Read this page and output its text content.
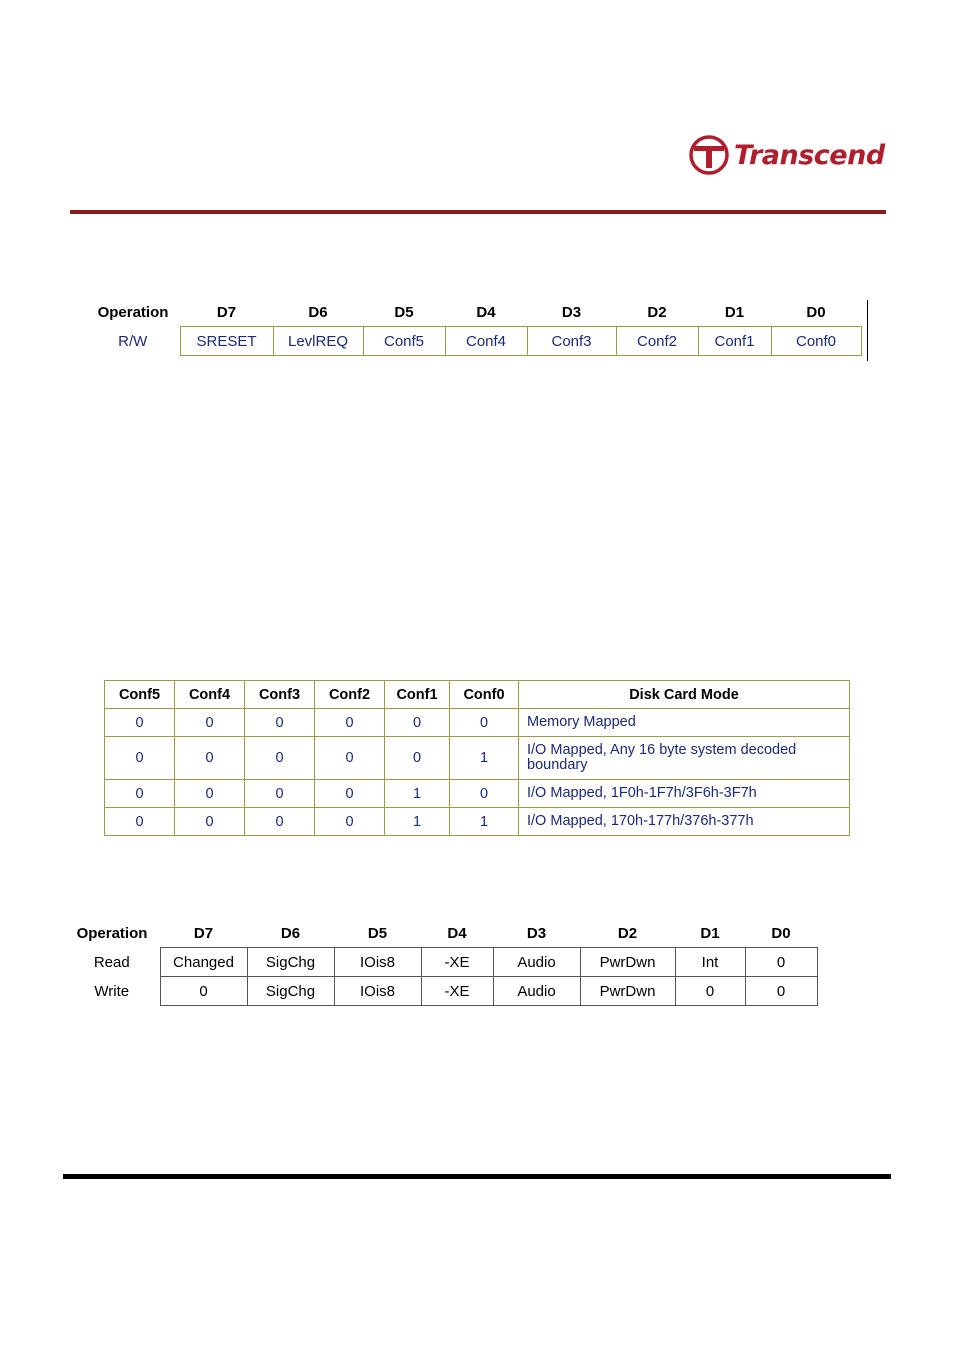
Transcend
Operation	D7	D6	D5	D4	D3	D2	D1	D0
R/W	SRESET	LevlREQ	Conf5	Conf4	Conf3	Conf2	Conf1	Conf0
Conf5	Conf4	Conf3	Conf2	Conf1	Conf0	Disk Card Mode
0	0	0	0	0	0	Memory Mapped
0	0	0	0	0	1	I/O Mapped, Any 16 byte system decoded boundary
0	0	0	0	1	0	I/O Mapped, 1F0h-1F7h/3F6h-3F7h
0	0	0	0	1	1	I/O Mapped, 170h-177h/376h-377h
Operation	D7	D6	D5	D4	D3	D2	D1	D0
Read	Changed	SigChg	IOis8	-XE	Audio	PwrDwn	Int	0
Write	0	SigChg	IOis8	-XE	Audio	PwrDwn	0	0
